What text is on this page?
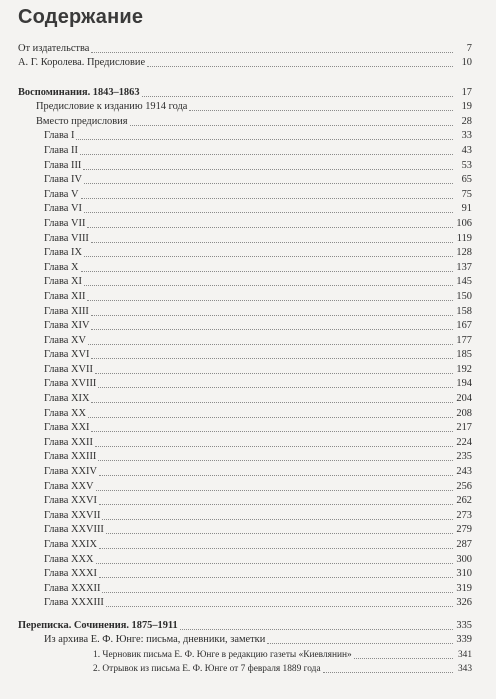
Содержание
От издательства	7
А. Г. Королева. Предисловие	10
Воспоминания. 1843–1863	17
Предисловие к изданию 1914 года	19
Вместо предисловия	28
Глава I	33
Глава II	43
Глава III	53
Глава IV	65
Глава V	75
Глава VI	91
Глава VII	106
Глава VIII	119
Глава IX	128
Глава X	137
Глава XI	145
Глава XII	150
Глава XIII	158
Глава XIV	167
Глава XV	177
Глава XVI	185
Глава XVII	192
Глава XVIII	194
Глава XIX	204
Глава XX	208
Глава XXI	217
Глава XXII	224
Глава XXIII	235
Глава XXIV	243
Глава XXV	256
Глава XXVI	262
Глава XXVII	273
Глава XXVIII	279
Глава XXIX	287
Глава XXX	300
Глава XXXI	310
Глава XXXII	319
Глава XXXIII	326
Переписка. Сочинения. 1875–1911	335
Из архива Е. Ф. Юнге: письма, дневники, заметки	339
1. Черновик письма Е. Ф. Юнге в редакцию газеты «Киевлянин»	341
2. Отрывок из письма Е. Ф. Юнге от 7 февраля 1889 года	343
